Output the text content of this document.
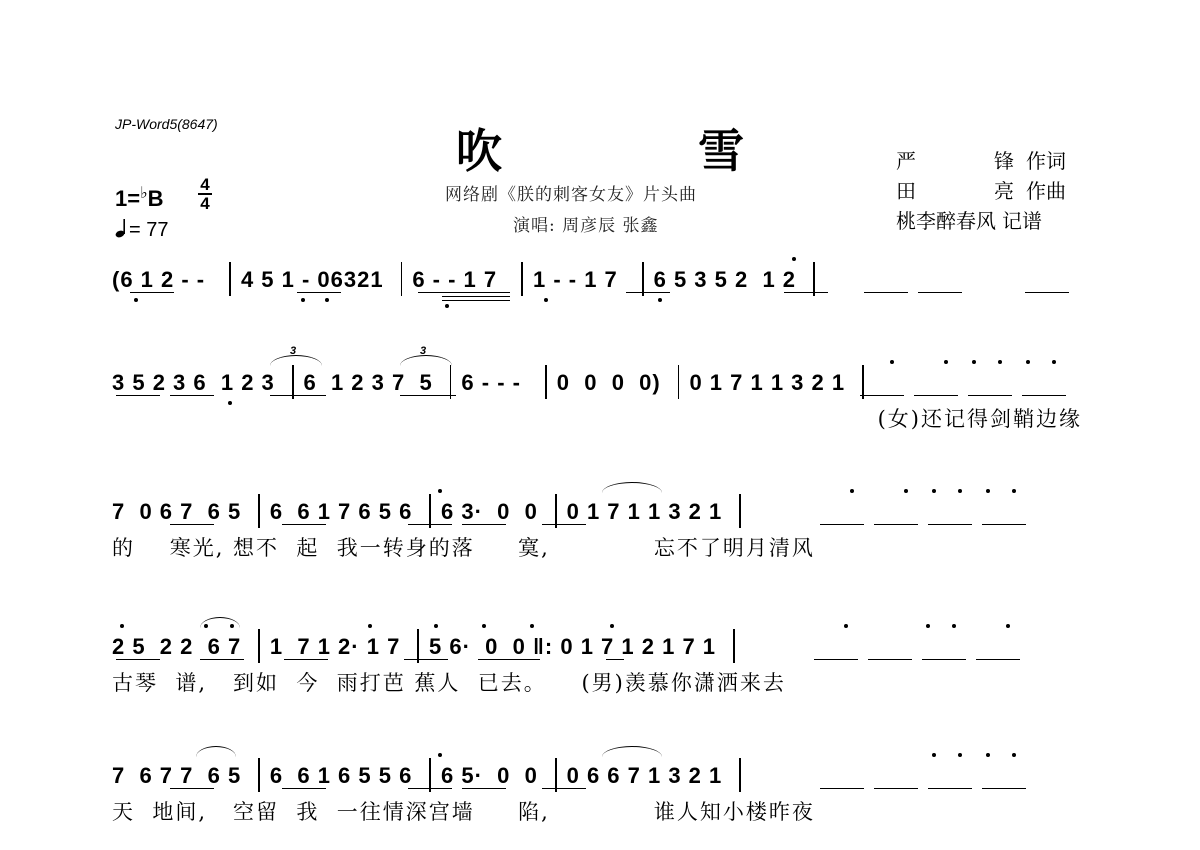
JP-Word5(8647)	吹 雪
网络剧《朕的刺客女友》片头曲
演唱: 周彦辰 张鑫
严锋 作词
田亮 作曲
桃李醉春风 记谱
1=♭B
4
4
= 77
(6 1 2 - -  4 5 1 - 06321 6 - - 1 7  1 - - 1 7  6 5 3 5 2  1 2
3 5 2 3 6  1 2 3 6  1 2 3 7  5 6 - - -  0  0  0  0) 0 1 7 1 1 3 2 1
(女)还记得剑鞘边缘
3	3
7  0 6 7  6 5 6  6 1 7 6 5 6 6 3·  0  0 0 1 7 1 1 3 2 1
的    寒光, 想不  起  我一转身的落     寞,            忘不了明月清风
2 5  2 2  6 7 1  7 1 2· 1 7 5 6·  0  0 ‖: 0 1 7 1 2 1 7 1
古琴  谱,   到如  今  雨打芭 蕉人  已去。    (男)羡慕你潇洒来去
7  6 7 7  6 5 6  6 1 6 5 5 6 6 5·  0  0 0 6 6 7 1 3 2 1
天  地间,   空留  我  一往情深宫墙     陷,            谁人知小楼昨夜
